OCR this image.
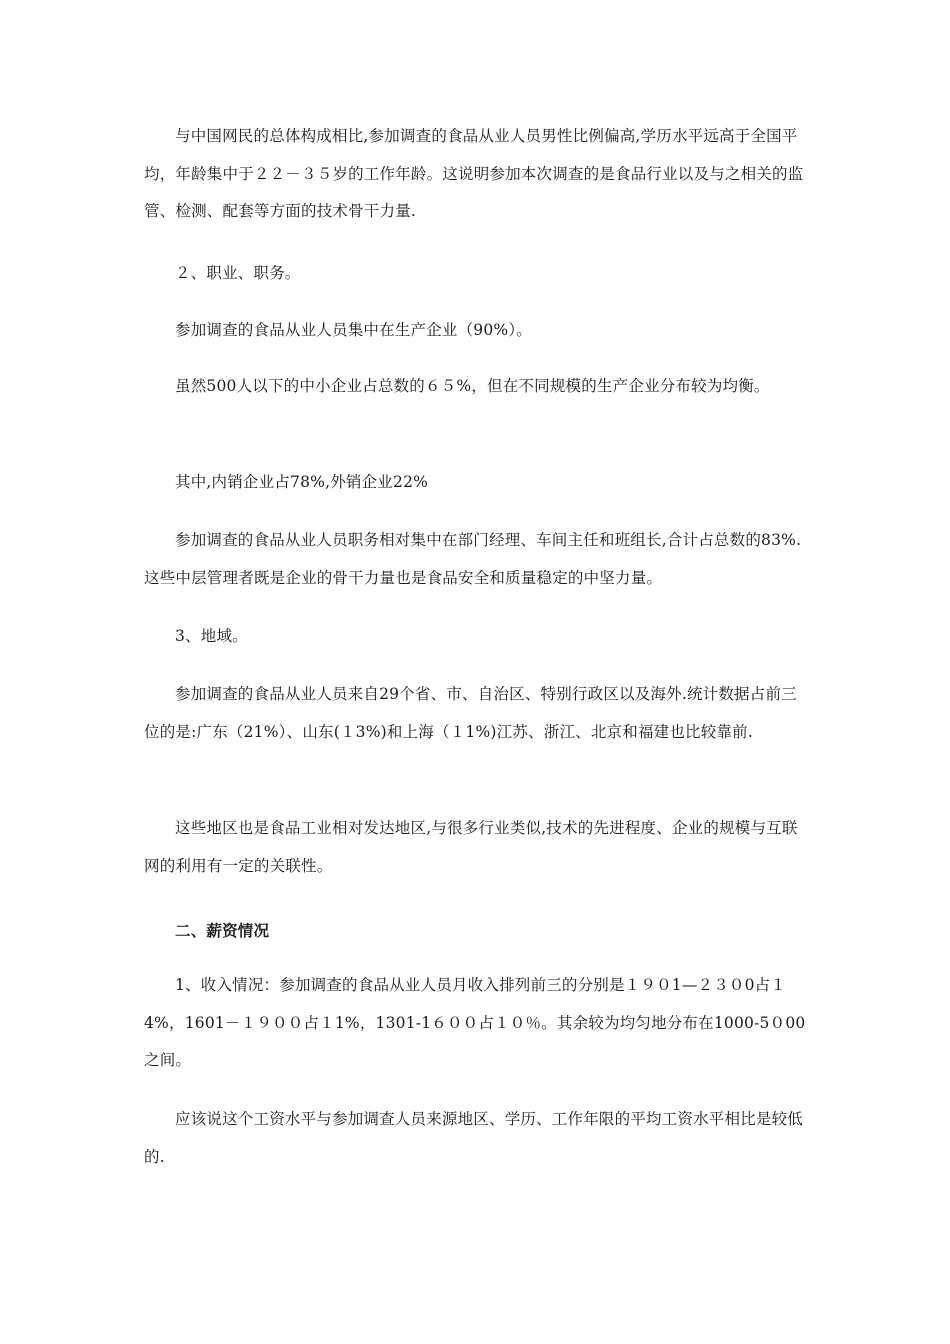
与中国网民的总体构成相比,参加调查的食品从业人员男性比例偏高,学历水平远高于全国平均，年龄集中于２２－３５岁的工作年龄。这说明参加本次调查的是食品行业以及与之相关的监管、检测、配套等方面的技术骨干力量.

２、职业、职务。

参加调查的食品从业人员集中在生产企业（90%）。

虽然500人以下的中小企业占总数的６５%，但在不同规模的生产企业分布较为均衡。

其中,内销企业占78%,外销企业22%

参加调查的食品从业人员职务相对集中在部门经理、车间主任和班组长,合计占总数的83%.这些中层管理者既是企业的骨干力量也是食品安全和质量稳定的中坚力量。

3、地域。

参加调查的食品从业人员来自29个省、市、自治区、特别行政区以及海外.统计数据占前三位的是:广东（21%）、山东(１3%)和上海（１1%)江苏、浙江、北京和福建也比较靠前.

这些地区也是食品工业相对发达地区,与很多行业类似,技术的先进程度、企业的规模与互联网的利用有一定的关联性。

二、薪资情况

1、收入情况：参加调查的食品从业人员月收入排列前三的分别是１９０1—２３０0占１4%，1601－１９００占１1%，1301-1６００占１０％。其余较为均匀地分布在1000-5０00之间。

应该说这个工资水平与参加调查人员来源地区、学历、工作年限的平均工资水平相比是较低的.
